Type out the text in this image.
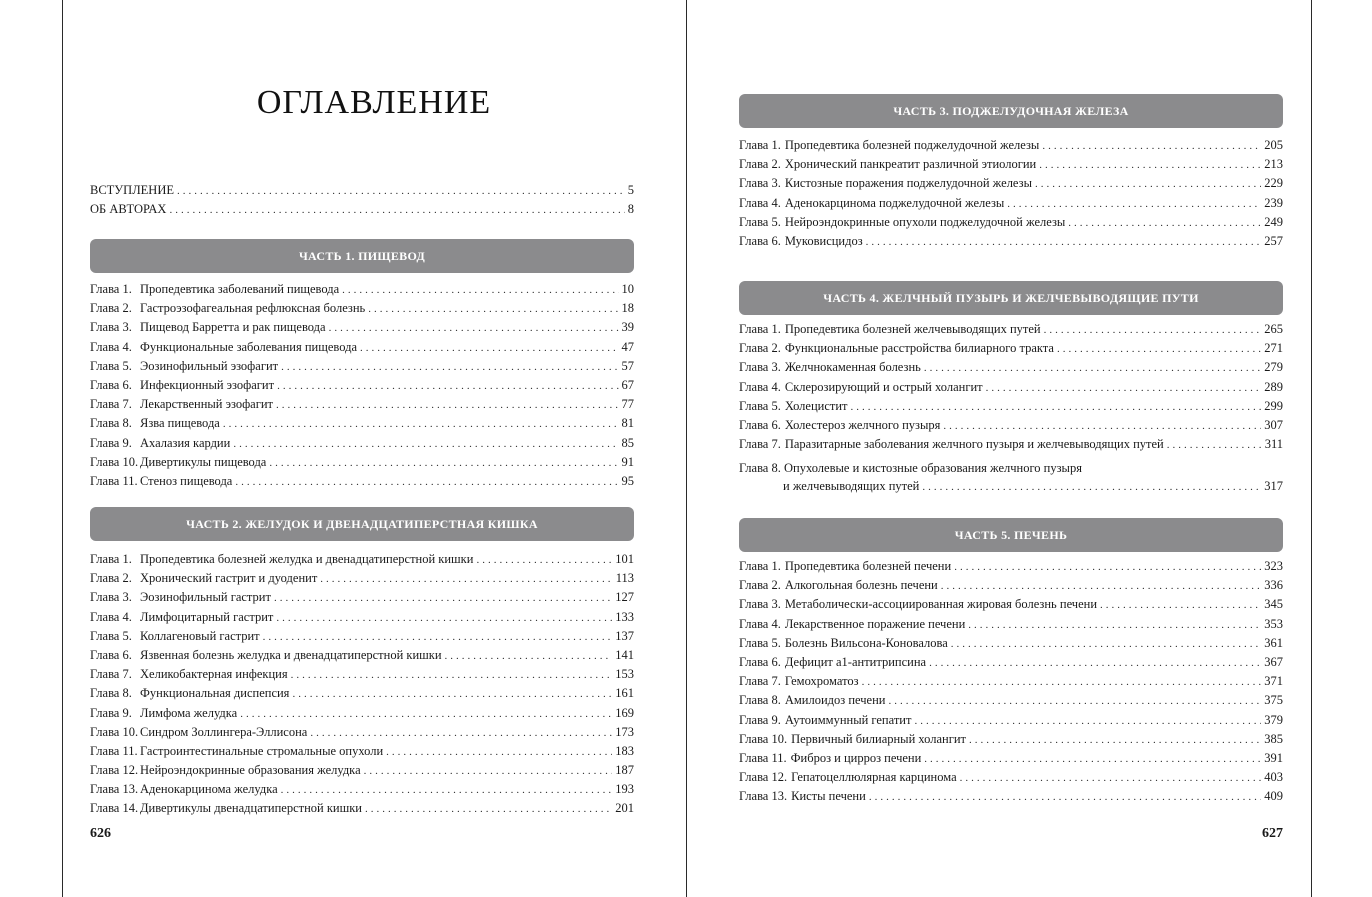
ОГЛАВЛЕНИЕ
ВСТУПЛЕНИЕ .....	5
ОБ АВТОРАХ .....	8
ЧАСТЬ 1. ПИЩЕВОД
Глава 1. Пропедевтика заболеваний пищевода .....	10
Глава 2. Гастроэзофагеальная рефлюксная болезнь .....	18
Глава 3. Пищевод Барретта и рак пищевода .....	39
Глава 4. Функциональные заболевания пищевода .....	47
Глава 5. Эозинофильный эзофагит .....	57
Глава 6. Инфекционный эзофагит .....	67
Глава 7. Лекарственный эзофагит .....	77
Глава 8. Язва пищевода .....	81
Глава 9. Ахалазия кардии .....	85
Глава 10. Дивертикулы пищевода .....	91
Глава 11. Стеноз пищевода .....	95
ЧАСТЬ 2. ЖЕЛУДОК И ДВЕНАДЦАТИПЕРСТНАЯ КИШКА
Глава 1. Пропедевтика болезней желудка и двенадцатиперстной кишки .....	101
Глава 2. Хронический гастрит и дуоденит .....	113
Глава 3. Эозинофильный гастрит .....	127
Глава 4. Лимфоцитарный гастрит .....	133
Глава 5. Коллагеновый гастрит .....	137
Глава 6. Язвенная болезнь желудка и двенадцатиперстной кишки .....	141
Глава 7. Хеликобактерная инфекция .....	153
Глава 8. Функциональная диспепсия .....	161
Глава 9. Лимфома желудка .....	169
Глава 10. Синдром Золлингера-Эллисона .....	173
Глава 11. Гастроинтестинальные стромальные опухоли .....	183
Глава 12. Нейроэндокринные образования желудка .....	187
Глава 13. Аденокарцинома желудка .....	193
Глава 14. Дивертикулы двенадцатиперстной кишки .....	201
626
ЧАСТЬ 3. ПОДЖЕЛУДОЧНАЯ ЖЕЛЕЗА
Глава 1. Пропедевтика болезней поджелудочной железы .....	205
Глава 2. Хронический панкреатит различной этиологии .....	213
Глава 3. Кистозные поражения поджелудочной железы .....	229
Глава 4. Аденокарцинома поджелудочной железы .....	239
Глава 5. Нейроэндокринные опухоли поджелудочной железы .....	249
Глава 6. Муковисцидоз .....	257
ЧАСТЬ 4. ЖЕЛЧНЫЙ ПУЗЫРЬ И ЖЕЛЧЕВЫВОДЯЩИЕ ПУТИ
Глава 1. Пропедевтика болезней желчевыводящих путей .....	265
Глава 2. Функциональные расстройства билиарного тракта .....	271
Глава 3. Желчнокаменная болезнь .....	279
Глава 4. Склерозирующий и острый холангит .....	289
Глава 5. Холецистит .....	299
Глава 6. Холестероз желчного пузыря .....	307
Глава 7. Паразитарные заболевания желчного пузыря и желчевыводящих путей .....	311
Глава 8. Опухолевые и кистозные образования желчного пузыря
и желчевыводящих путей .....	317
ЧАСТЬ 5. ПЕЧЕНЬ
Глава 1. Пропедевтика болезней печени .....	323
Глава 2. Алкогольная болезнь печени .....	336
Глава 3. Метаболически-ассоциированная жировая болезнь печени .....	345
Глава 4. Лекарственное поражение печени .....	353
Глава 5. Болезнь Вильсона-Коновалова .....	361
Глава 6. Дефицит а1-антитрипсина .....	367
Глава 7. Гемохроматоз .....	371
Глава 8. Амилоидоз печени .....	375
Глава 9. Аутоиммунный гепатит .....	379
Глава 10. Первичный билиарный холангит .....	385
Глава 11. Фиброз и цирроз печени .....	391
Глава 12. Гепатоцеллюлярная карцинома .....	403
Глава 13. Кисты печени .....	409
627
